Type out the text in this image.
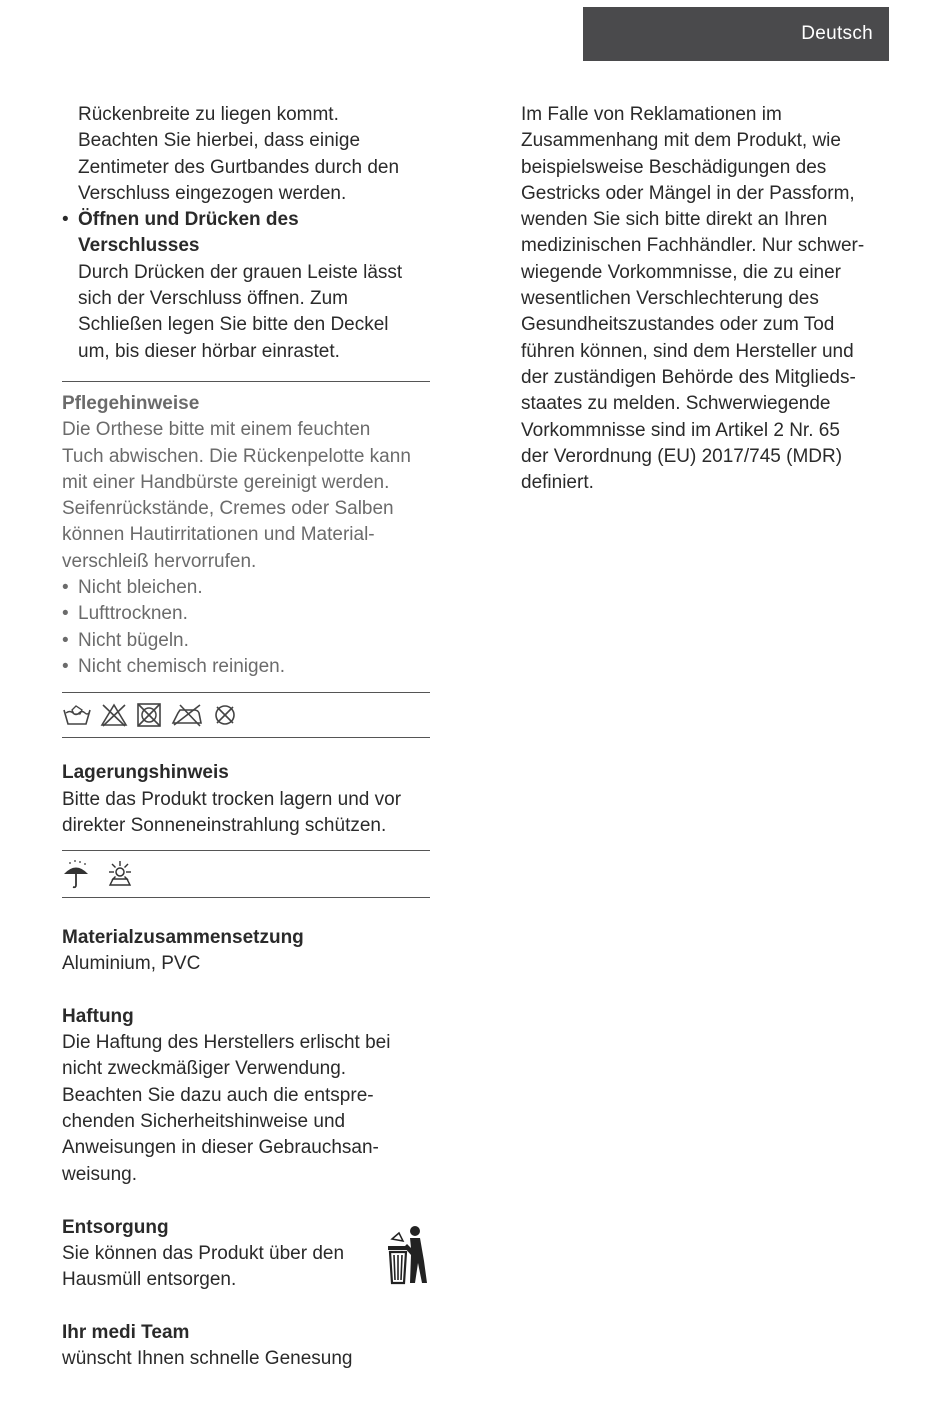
Deutsch
Rückenbreite zu liegen kommt.
Beachten Sie hierbei, dass einige
Zentimeter des Gurtbandes durch den
Verschluss eingezogen werden.
• Öffnen und Drücken des
Verschlusses
Durch Drücken der grauen Leiste lässt
sich der Verschluss öffnen. Zum
Schließen legen Sie bitte den Deckel
um, bis dieser hörbar einrastet.
Pflegehinweise
Die Orthese bitte mit einem feuchten
Tuch abwischen. Die Rückenpelotte kann
mit einer Handbürste gereinigt werden.
Seifenrückstände, Cremes oder Salben
können Hautirritationen und Material-
verschleiß hervorrufen.
• Nicht bleichen.
• Lufttrocknen.
• Nicht bügeln.
• Nicht chemisch reinigen.
Lagerungshinweis
Bitte das Produkt trocken lagern und vor
direkter Sonneneinstrahlung schützen.
Materialzusammensetzung
Aluminium, PVC
Haftung
Die Haftung des Herstellers erlischt bei
nicht zweckmäßiger Verwendung.
Beachten Sie dazu auch die entspre-
chenden Sicherheitshinweise und
Anweisungen in dieser Gebrauchsan-
weisung.
Entsorgung
Sie können das Produkt über den
Hausmüll entsorgen.
Ihr medi Team
wünscht Ihnen schnelle Genesung
Im Falle von Reklamationen im
Zusammenhang mit dem Produkt, wie
beispielsweise Beschädigungen des
Gestricks oder Mängel in der Passform,
wenden Sie sich bitte direkt an Ihren
medizinischen Fachhändler. Nur schwer-
wiegende Vorkommnisse, die zu einer
wesentlichen Verschlechterung des
Gesundheitszustandes oder zum Tod
führen können, sind dem Hersteller und
der zuständigen Behörde des Mitglieds-
staates zu melden. Schwerwiegende
Vorkommnisse sind im Artikel 2 Nr. 65
der Verordnung (EU) 2017/745 (MDR)
definiert.
